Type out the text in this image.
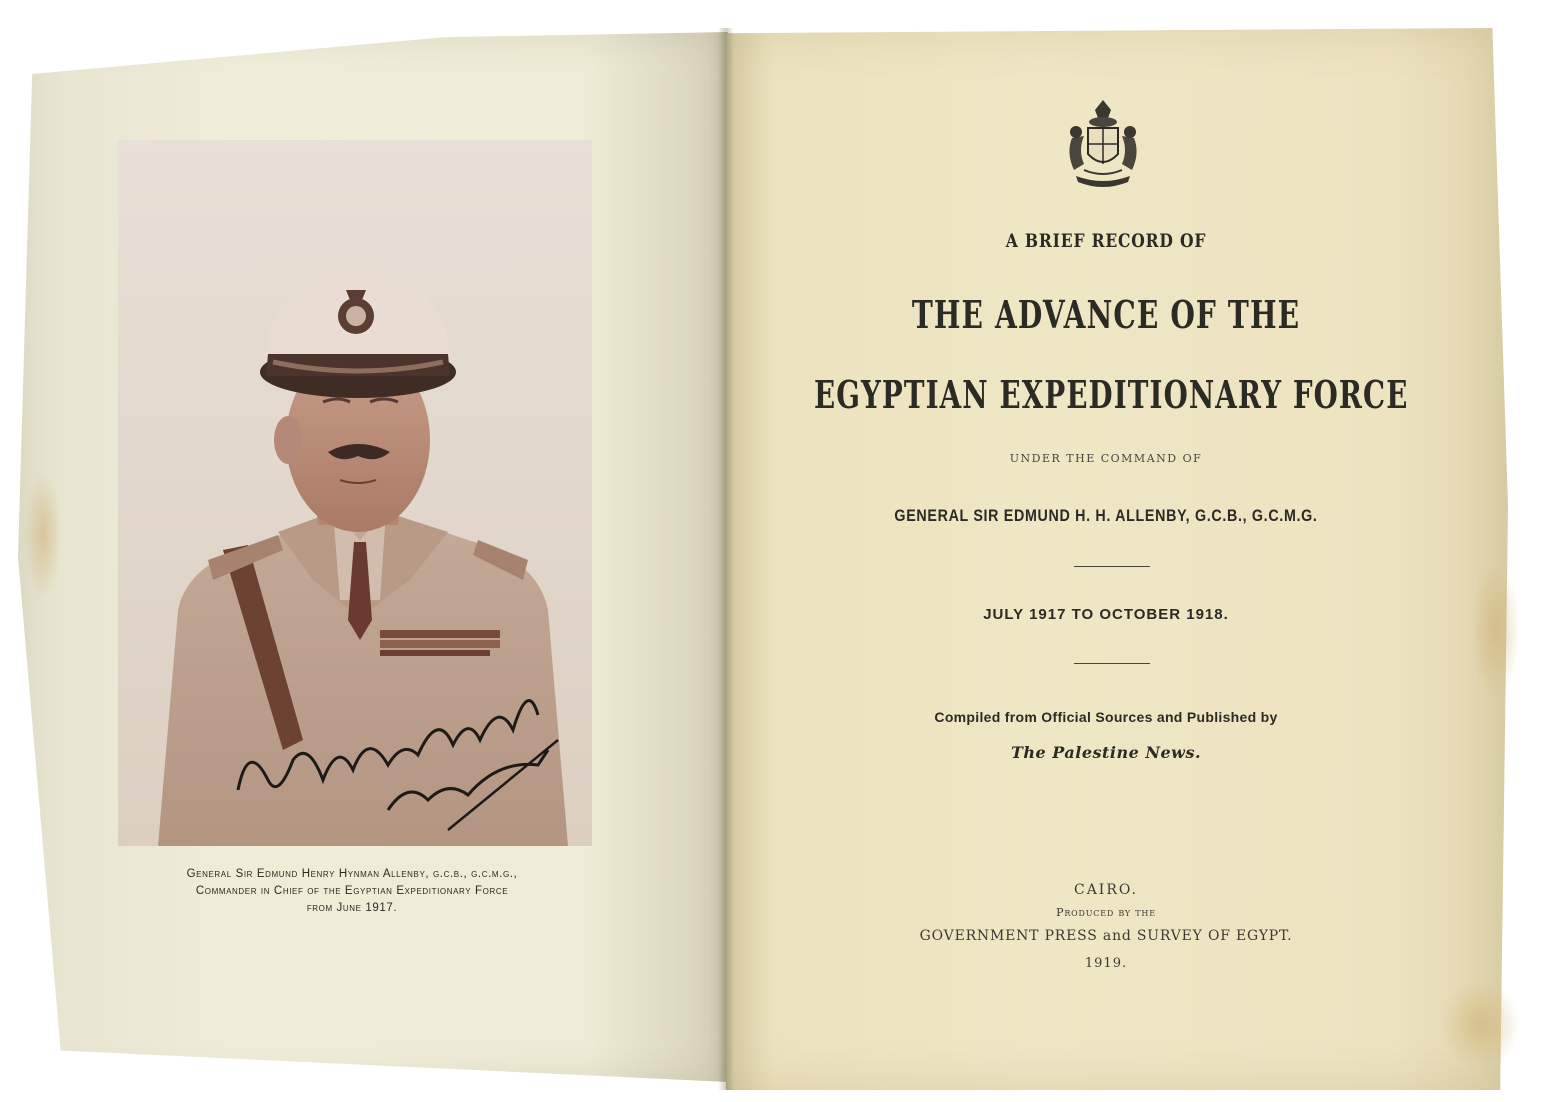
General Sir Edmund Henry Hynman Allenby, g.c.b., g.c.m.g.,
Commander in Chief of the Egyptian Expeditionary Force
from June 1917.
A BRIEF RECORD OF
THE ADVANCE OF THE
EGYPTIAN EXPEDITIONARY FORCE
UNDER THE COMMAND OF
GENERAL SIR EDMUND H. H. ALLENBY, G.C.B., G.C.M.G.
JULY 1917 TO OCTOBER 1918.
Compiled from Official Sources and Published by
The Palestine News.
CAIRO.
Produced by the
GOVERNMENT PRESS and SURVEY OF EGYPT.
1919.
